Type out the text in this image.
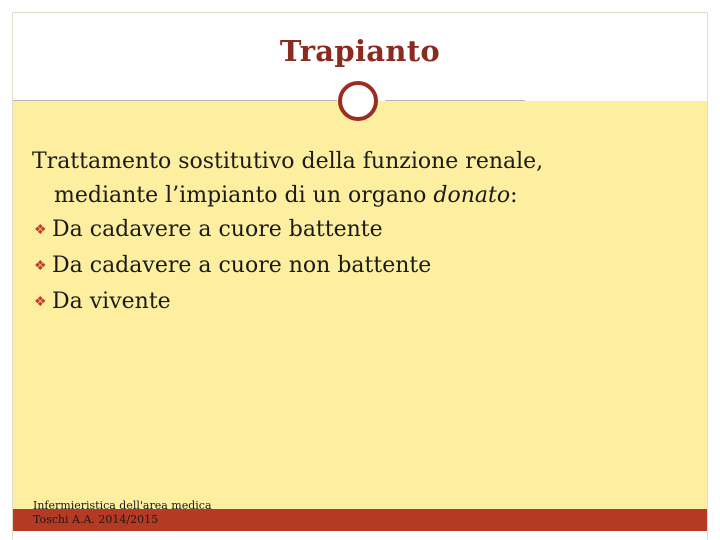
Trapianto

Trattamento sostitutivo della funzione renale,
mediante l’impianto di un organo donato:

❖ Da cadavere a cuore battente
❖ Da cadavere a cuore non battente
❖ Da vivente
Infermieristica dell'area medica
Toschi A.A. 2014/2015
